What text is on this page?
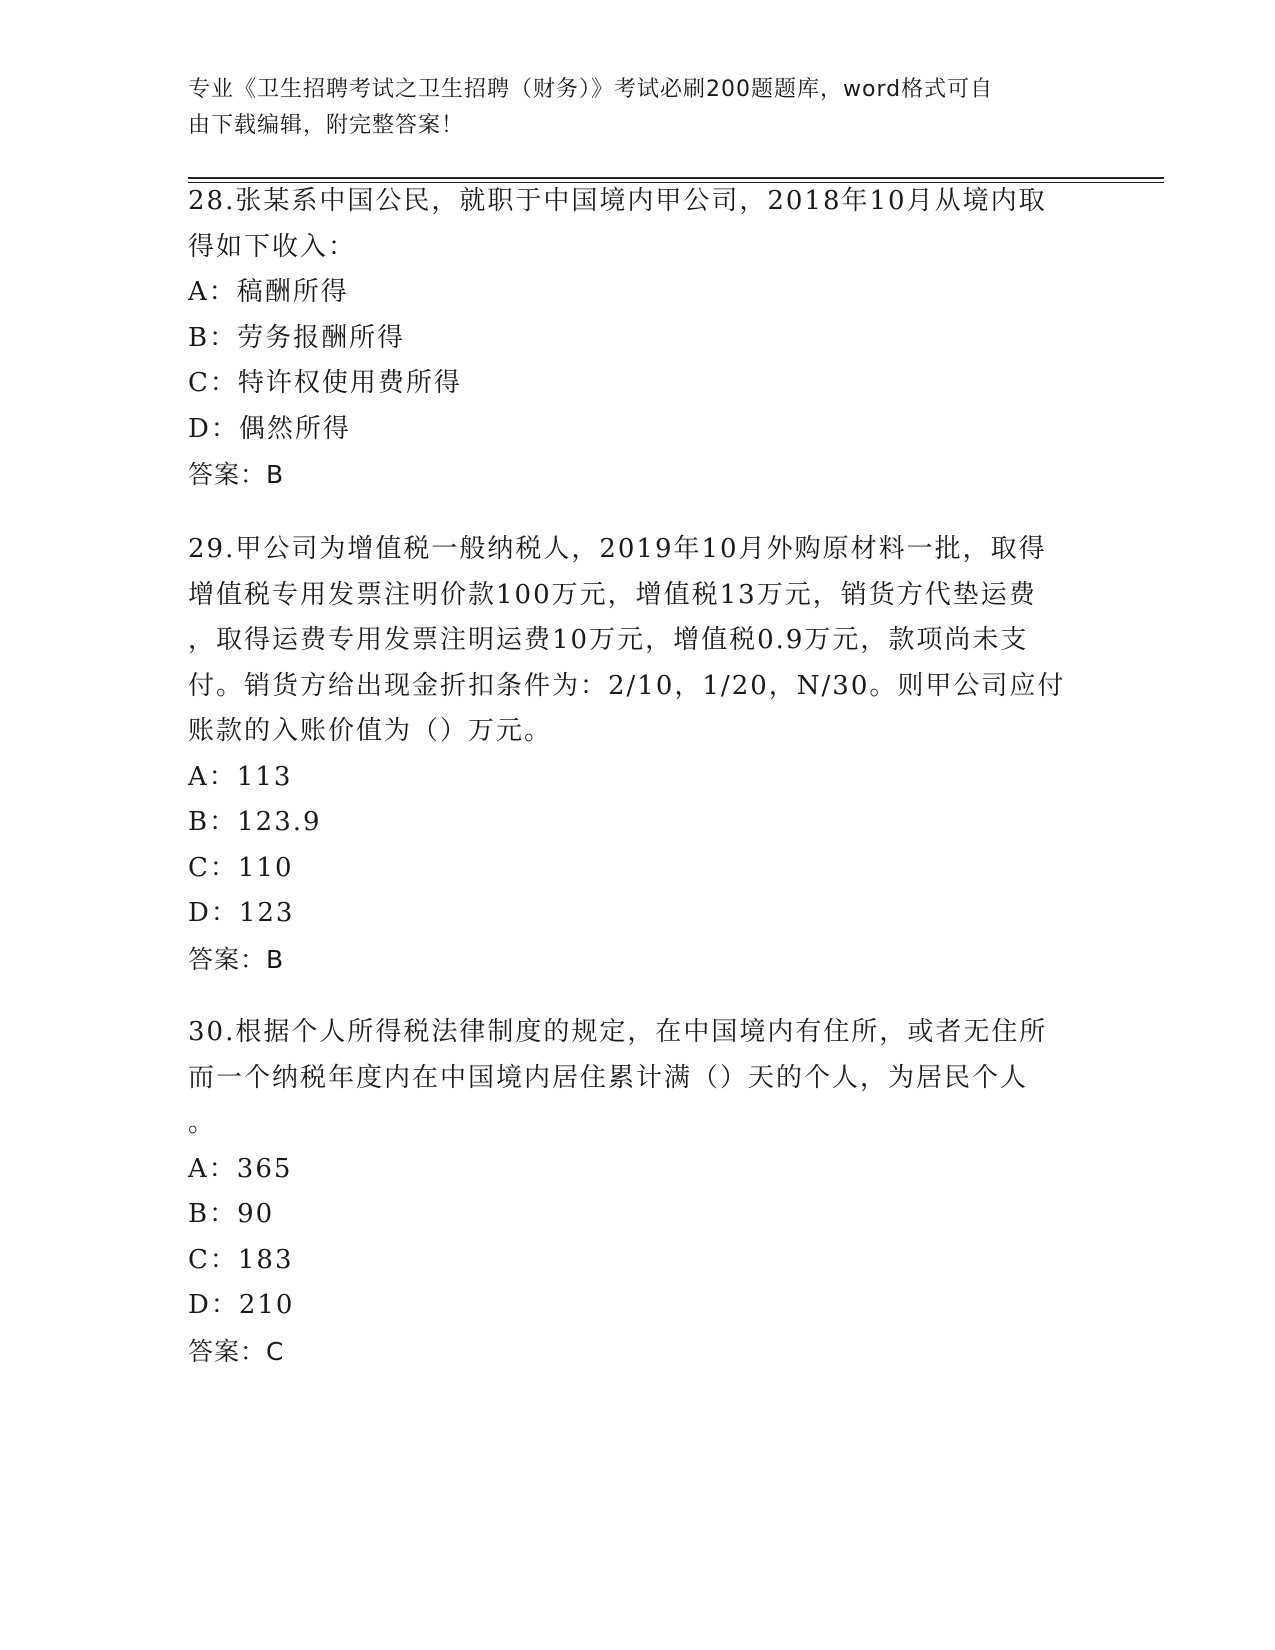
专业《卫生招聘考试之卫生招聘（财务）》考试必刷200题题库，word格式可自
由下载编辑，附完整答案！
28.张某系中国公民，就职于中国境内甲公司，2018年10月从境内取
得如下收入：
A：稿酬所得
B：劳务报酬所得
C：特许权使用费所得
D：偶然所得
答案：B
29.甲公司为增值税一般纳税人，2019年10月外购原材料一批，取得
增值税专用发票注明价款100万元，增值税13万元，销货方代垫运费
，取得运费专用发票注明运费10万元，增值税0.9万元，款项尚未支
付。销货方给出现金折扣条件为：2/10，1/20，N/30。则甲公司应付
账款的入账价值为（）万元。
A：113
B：123.9
C：110
D：123
答案：B
30.根据个人所得税法律制度的规定，在中国境内有住所，或者无住所
而一个纳税年度内在中国境内居住累计满（）天的个人，为居民个人
。
A：365
B：90
C：183
D：210
答案：C
